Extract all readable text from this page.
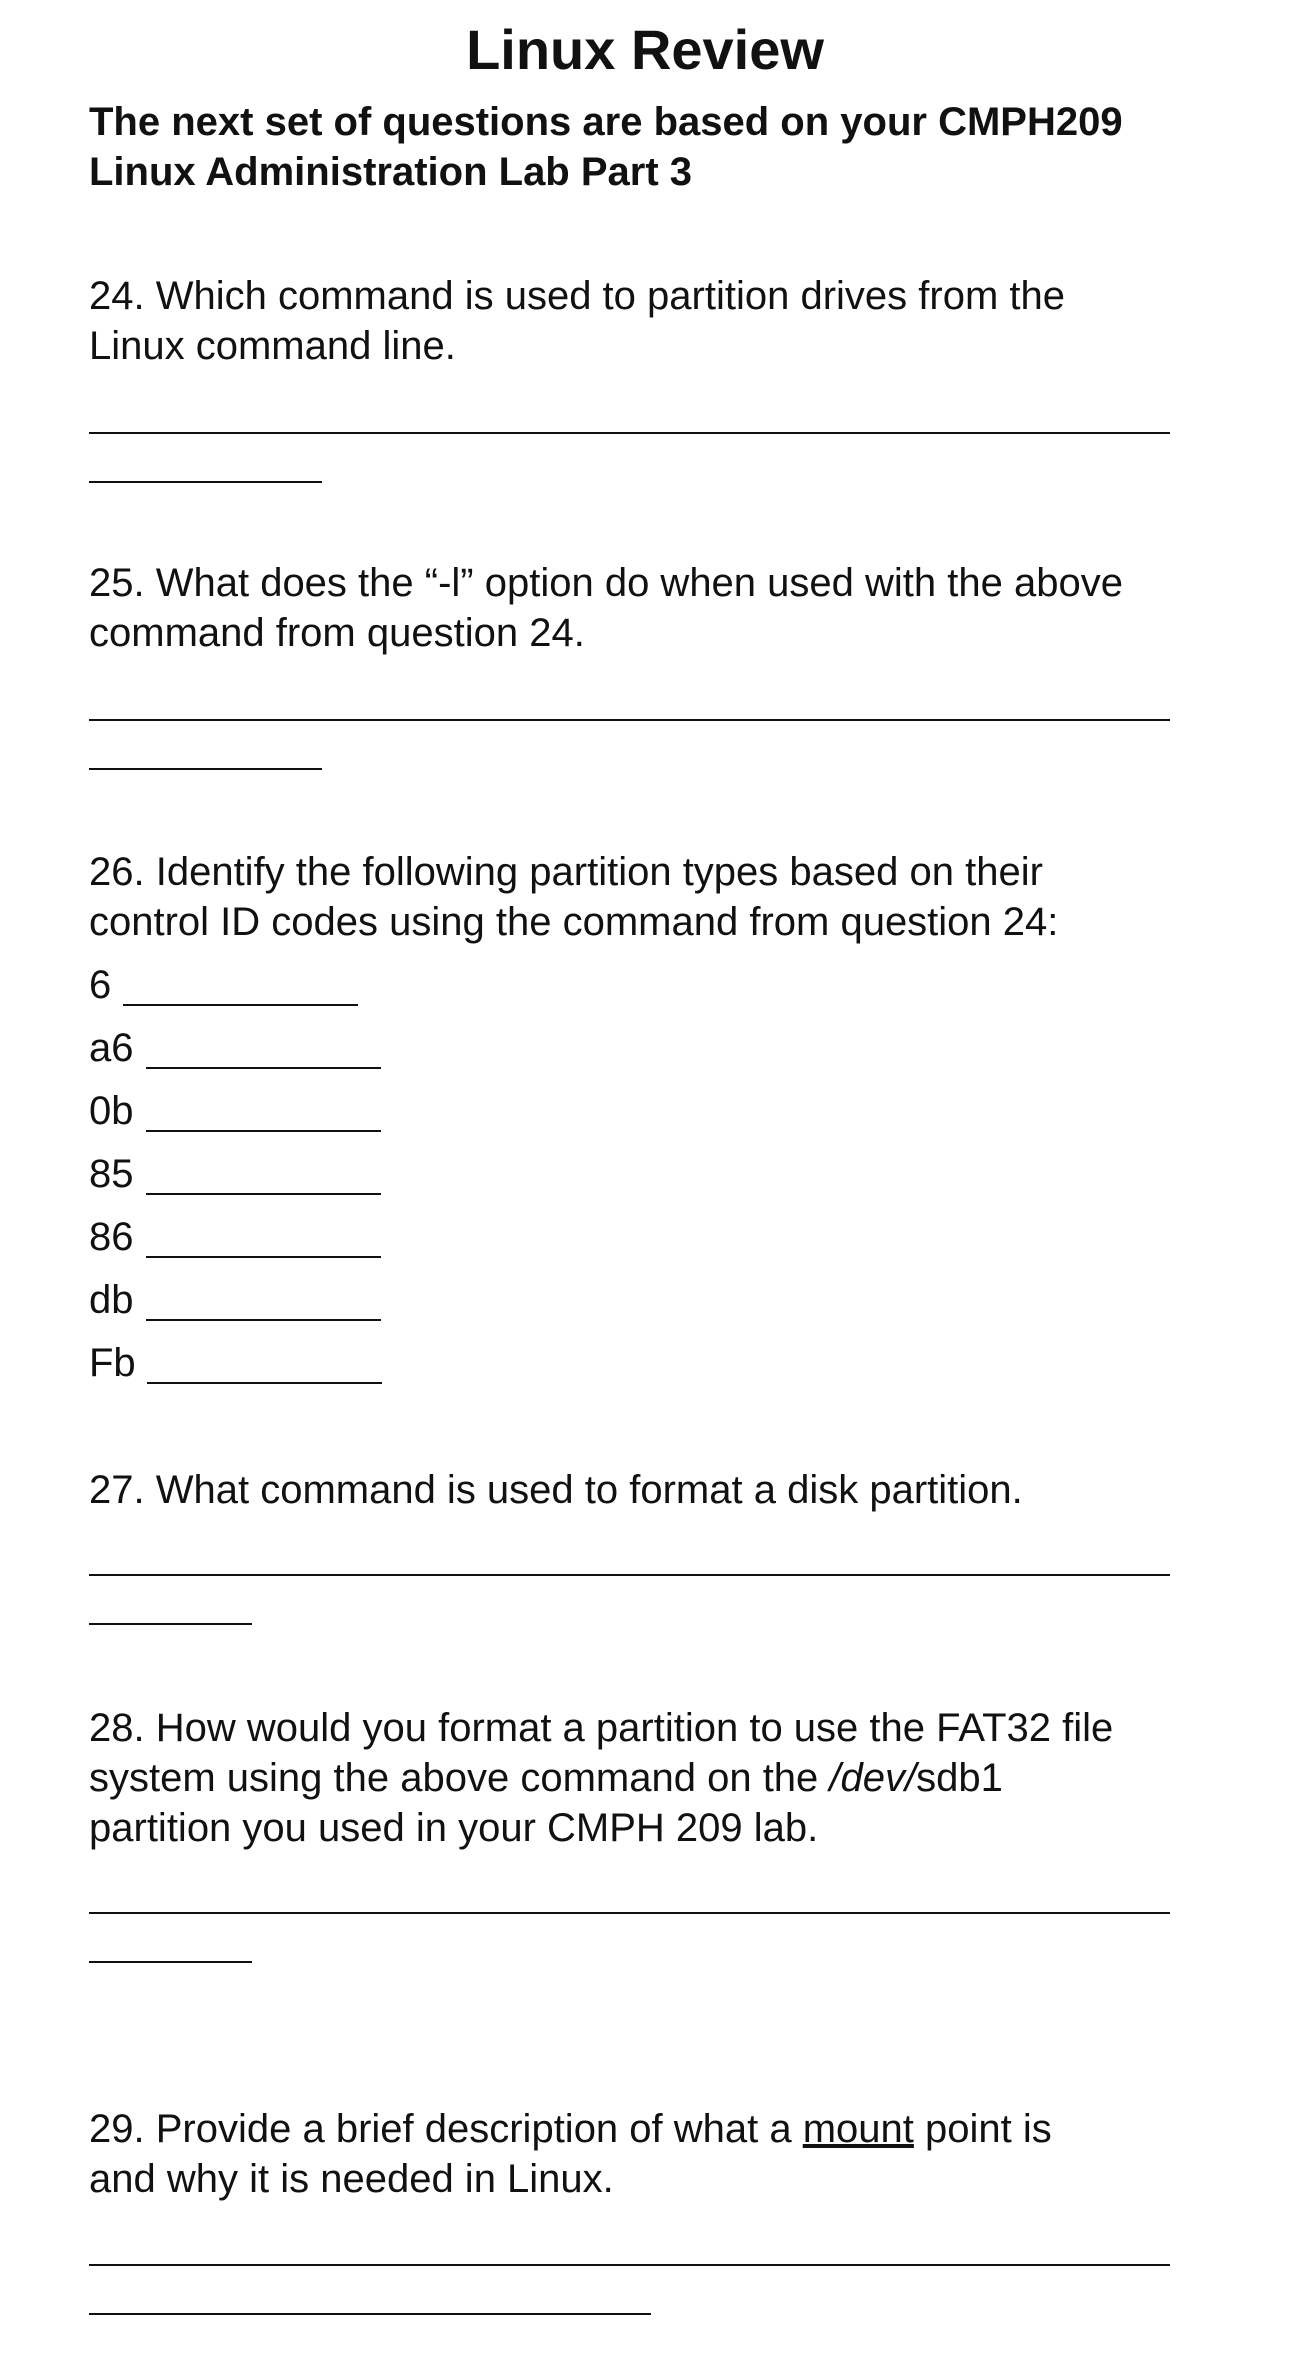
Linux Review
The next set of questions are based on your CMPH209
Linux Administration Lab Part 3
24. Which command is used to partition drives from the
Linux command line.
25. What does the “-l” option do when used with the above
command from question 24.
26. Identify the following partition types based on their
control ID codes using the command from question 24:
6
a6
0b
85
86
db
Fb
27. What command is used to format a disk partition.
28. How would you format a partition to use the FAT32 file
system using the above command on the /dev/sdb1
partition you used in your CMPH 209 lab.
29. Provide a brief description of what a mount point is
and why it is needed in Linux.
